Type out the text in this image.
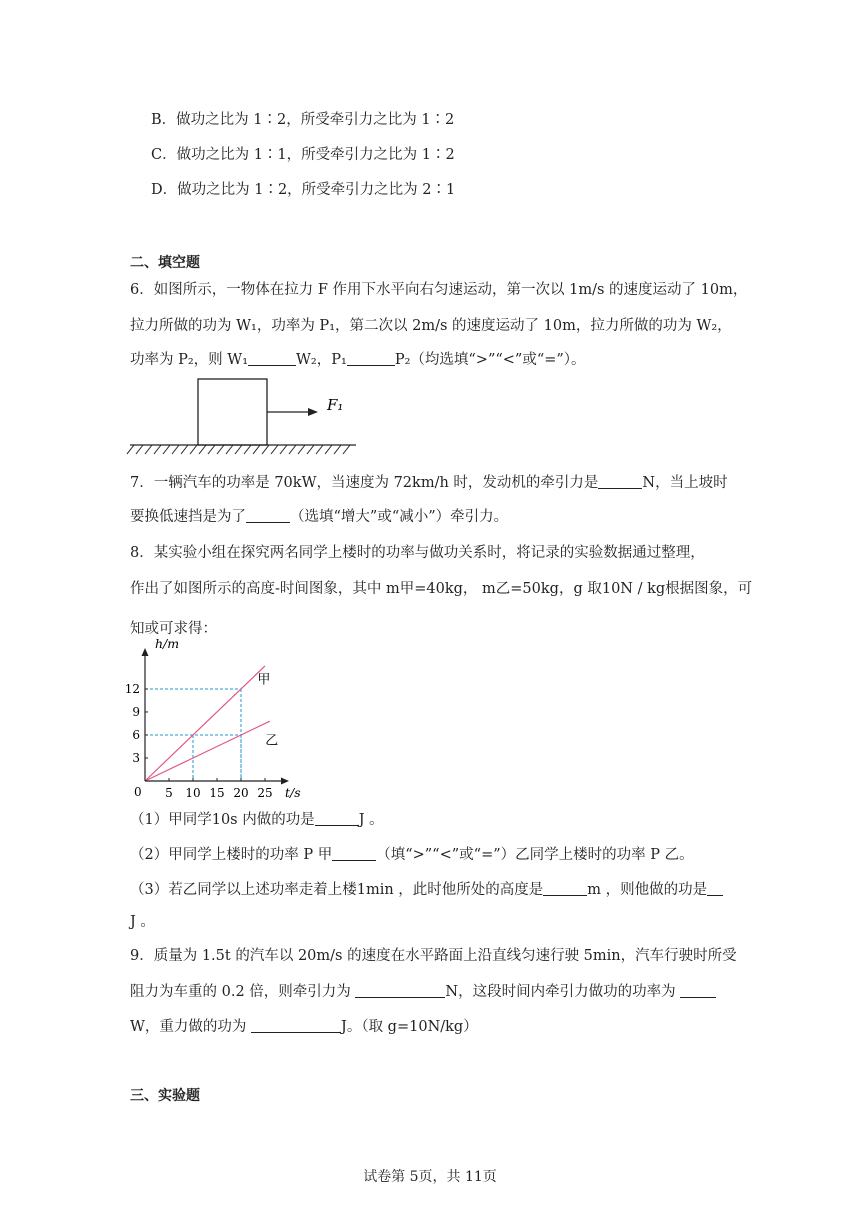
B．做功之比为 1∶2，所受牵引力之比为 1∶2
C．做功之比为 1∶1，所受牵引力之比为 1∶2
D．做功之比为 1∶2，所受牵引力之比为 2∶1
二、填空题
6．如图所示，一物体在拉力 F 作用下水平向右匀速运动，第一次以 1m/s 的速度运动了 10m，
拉力所做的功为 W₁，功率为 P₁，第二次以 2m/s 的速度运动了 10m，拉力所做的功为 W₂，
功率为 P₂，则 W₁	W₂，P₁	P₂（均选填“>”“<”或“=”）。
F₁
7．一辆汽车的功率是 70kW，当速度为 72km/h 时，发动机的牵引力是	N，当上坡时
要换低速挡是为了	（选填“增大”或“减小”）牵引力。
8．某实验小组在探究两名同学上楼时的功率与做功关系时，将记录的实验数据通过整理，
作出了如图所示的高度-时间图象，其中 m甲=40kg， m乙=50kg，g 取10N / kg根据图象，可
知或可求得：
h/m
t/s
0 5 10 15 20 25
3
6
9
12
甲
乙
（1）甲同学10s 内做的功是	J 。
（2）甲同学上楼时的功率 P 甲	（填“>”“<”或“=”）乙同学上楼时的功率 P 乙。
（3）若乙同学以上述功率走着上楼1min ，此时他所处的高度是	m ，则他做的功是
J 。
9．质量为 1.5t 的汽车以 20m/s 的速度在水平路面上沿直线匀速行驶 5min，汽车行驶时所受
阻力为车重的 0.2 倍，则牵引力为	N，这段时间内牵引力做功的功率为
W，重力做的功为	J。（取 g=10N/kg）
三、实验题
试卷第 5页，共 11页
